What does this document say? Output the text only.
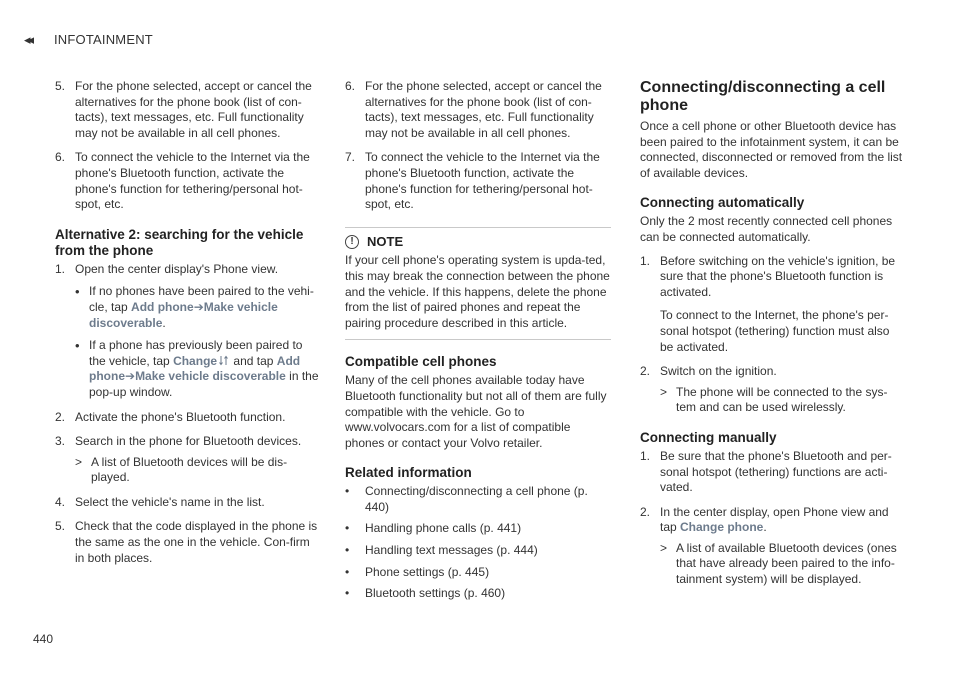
◂◂ INFOTAINMENT
5. For the phone selected, accept or cancel the alternatives for the phone book (list of con-tacts), text messages, etc. Full functionality may not be available in all cell phones.
6. To connect the vehicle to the Internet via the phone's Bluetooth function, activate the phone's function for tethering/personal hot-spot, etc.
Alternative 2: searching for the vehicle from the phone
1. Open the center display's Phone view.
• If no phones have been paired to the vehi-cle, tap Add phone➔Make vehicle discoverable.
• If a phone has previously been paired to the vehicle, tap Change and tap Add phone➔Make vehicle discoverable in the pop-up window.
2. Activate the phone's Bluetooth function.
3. Search in the phone for Bluetooth devices.
> A list of Bluetooth devices will be dis-played.
4. Select the vehicle's name in the list.
5. Check that the code displayed in the phone is the same as the one in the vehicle. Con-firm in both places.
6. For the phone selected, accept or cancel the alternatives for the phone book (list of con-tacts), text messages, etc. Full functionality may not be available in all cell phones.
7. To connect the vehicle to the Internet via the phone's Bluetooth function, activate the phone's function for tethering/personal hot-spot, etc.
!	NOTE
If your cell phone's operating system is upda-ted, this may break the connection between the phone and the vehicle. If this happens, delete the phone from the list of paired phones and repeat the pairing procedure described in this article.
Compatible cell phones

Many of the cell phones available today have Bluetooth functionality but not all of them are fully compatible with the vehicle. Go to www.volvocars.com for a list of compatible phones or contact your Volvo retailer.

Related information
• Connecting/disconnecting a cell phone (p. 440)
• Handling phone calls (p. 441)
• Handling text messages (p. 444)
• Phone settings (p. 445)
• Bluetooth settings (p. 460)
Connecting/disconnecting a cell phone

Once a cell phone or other Bluetooth device has been paired to the infotainment system, it can be connected, disconnected or removed from the list of available devices.

Connecting automatically

Only the 2 most recently connected cell phones can be connected automatically.

1. Before switching on the vehicle's ignition, be sure that the phone's Bluetooth function is activated.
To connect to the Internet, the phone's per-sonal hotspot (tethering) function must also be activated.
2. Switch on the ignition.
> The phone will be connected to the sys-tem and can be used wirelessly.
Connecting manually
1. Be sure that the phone's Bluetooth and per-sonal hotspot (tethering) functions are acti-vated.
2. In the center display, open Phone view and tap Change phone.
> A list of available Bluetooth devices (ones that have already been paired to the info-tainment system) will be displayed.
440
